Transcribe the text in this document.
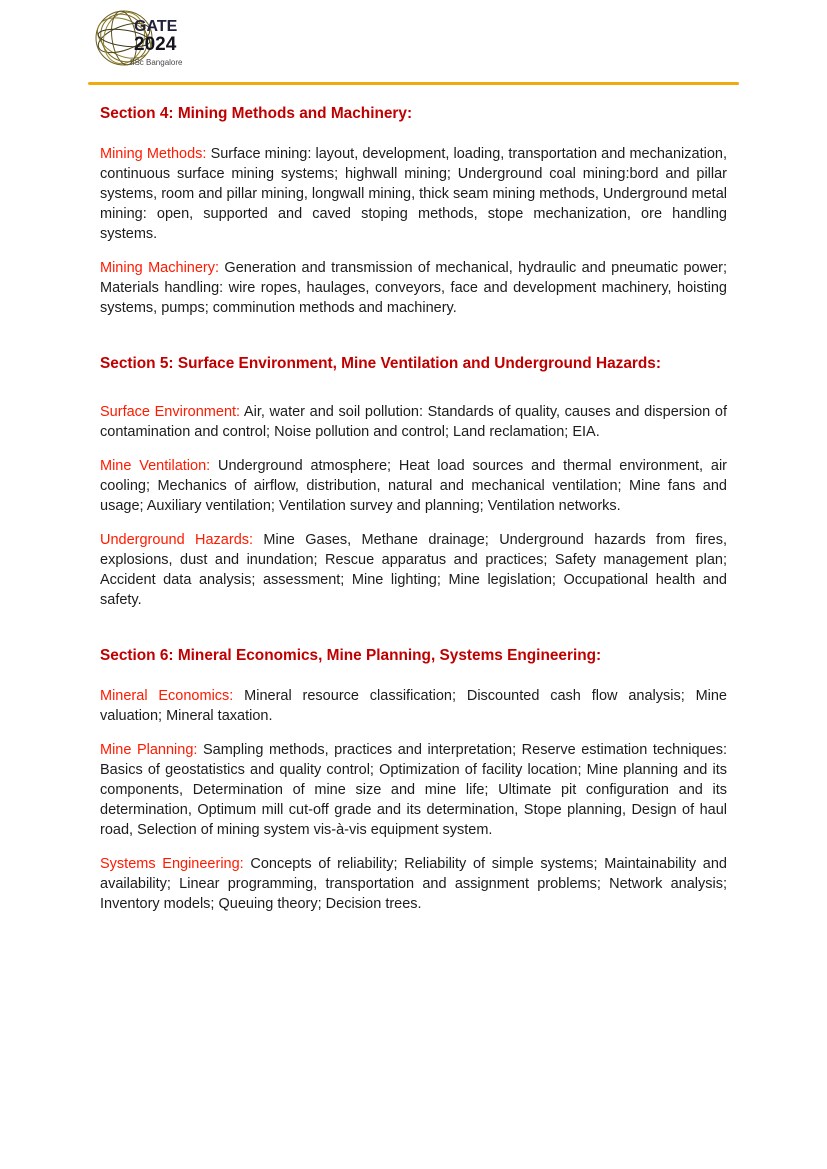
GATE
2024
IISc Bangalore
Section 4: Mining Methods and Machinery:

Mining Methods: Surface mining: layout, development, loading, transportation and mechanization, continuous surface mining systems; highwall mining; Underground coal mining:bord and pillar systems, room and pillar mining, longwall mining, thick seam mining methods, Underground metal mining: open, supported and caved stoping methods, stope mechanization, ore handling systems.

Mining Machinery: Generation and transmission of mechanical, hydraulic and pneumatic power; Materials handling: wire ropes, haulages, conveyors, face and development machinery, hoisting systems, pumps; comminution methods and machinery.

Section 5: Surface Environment, Mine Ventilation and Underground Hazards:

Surface Environment: Air, water and soil pollution: Standards of quality, causes and dispersion of contamination and control; Noise pollution and control; Land reclamation; EIA.

Mine Ventilation: Underground atmosphere; Heat load sources and thermal environment, air cooling; Mechanics of airflow, distribution, natural and mechanical ventilation; Mine fans and usage; Auxiliary ventilation; Ventilation survey and planning; Ventilation networks.

Underground Hazards: Mine Gases, Methane drainage; Underground hazards from fires, explosions, dust and inundation; Rescue apparatus and practices; Safety management plan; Accident data analysis; assessment; Mine lighting; Mine legislation; Occupational health and safety.

Section 6: Mineral Economics, Mine Planning, Systems Engineering:

Mineral Economics: Mineral resource classification; Discounted cash flow analysis; Mine valuation; Mineral taxation.

Mine Planning: Sampling methods, practices and interpretation; Reserve estimation techniques: Basics of geostatistics and quality control; Optimization of facility location; Mine planning and its components, Determination of mine size and mine life; Ultimate pit configuration and its determination, Optimum mill cut-off grade and its determination, Stope planning, Design of haul road, Selection of mining system vis-à-vis equipment system.

Systems Engineering: Concepts of reliability; Reliability of simple systems; Maintainability and availability; Linear programming, transportation and assignment problems; Network analysis; Inventory models; Queuing theory; Decision trees.
